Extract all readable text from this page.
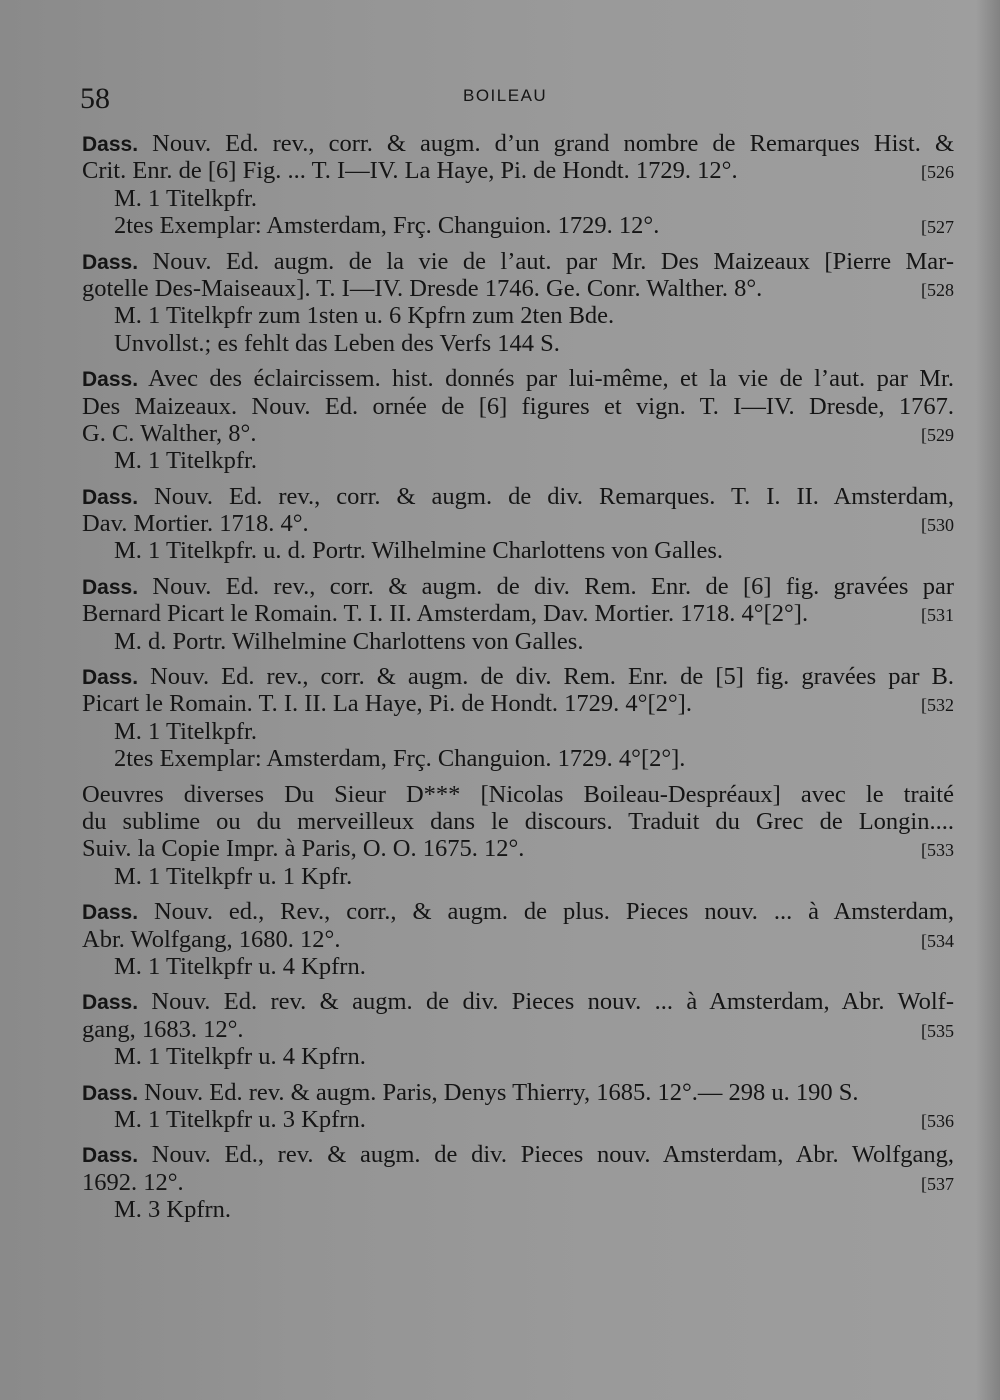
58	BOILEAU
Dass. Nouv. Ed. rev., corr. & augm. d’un grand nombre de Remarques Hist. &
Crit. Enr. de [6] Fig. ... T. I—IV. La Haye, Pi. de Hondt. 1729. 12°.	[526
M. 1 Titelkpfr.
2tes Exemplar: Amsterdam, Frç. Changuion. 1729. 12°.	[527
Dass. Nouv. Ed. augm. de la vie de l’aut. par Mr. Des Maizeaux [Pierre Mar-
gotelle Des-Maiseaux]. T. I—IV. Dresde 1746. Ge. Conr. Walther. 8°.	[528
M. 1 Titelkpfr zum 1sten u. 6 Kpfrn zum 2ten Bde.
Unvollst.; es fehlt das Leben des Verfs 144 S.
Dass. Avec des éclaircissem. hist. donnés par lui-même, et la vie de l’aut. par Mr.
Des Maizeaux. Nouv. Ed. ornée de [6] figures et vign. T. I—IV. Dresde, 1767.
G. C. Walther, 8°.	[529
M. 1 Titelkpfr.
Dass. Nouv. Ed. rev., corr. & augm. de div. Remarques. T. I. II. Amsterdam,
Dav. Mortier. 1718. 4°.	[530
M. 1 Titelkpfr. u. d. Portr. Wilhelmine Charlottens von Galles.
Dass. Nouv. Ed. rev., corr. & augm. de div. Rem. Enr. de [6] fig. gravées par
Bernard Picart le Romain. T. I. II. Amsterdam, Dav. Mortier. 1718. 4°[2°].	[531
M. d. Portr. Wilhelmine Charlottens von Galles.
Dass. Nouv. Ed. rev., corr. & augm. de div. Rem. Enr. de [5] fig. gravées par B.
Picart le Romain. T. I. II. La Haye, Pi. de Hondt. 1729. 4°[2°].	[532
M. 1 Titelkpfr.
2tes Exemplar: Amsterdam, Frç. Changuion. 1729. 4°[2°].
Oeuvres diverses Du Sieur D*** [Nicolas Boileau-Despréaux] avec le traité
du sublime ou du merveilleux dans le discours. Traduit du Grec de Longin....
Suiv. la Copie Impr. à Paris, O. O. 1675. 12°.	[533
M. 1 Titelkpfr u. 1 Kpfr.
Dass. Nouv. ed., Rev., corr., & augm. de plus. Pieces nouv. ... à Amsterdam,
Abr. Wolfgang, 1680. 12°.	[534
M. 1 Titelkpfr u. 4 Kpfrn.
Dass. Nouv. Ed. rev. & augm. de div. Pieces nouv. ... à Amsterdam, Abr. Wolf-
gang, 1683. 12°.	[535
M. 1 Titelkpfr u. 4 Kpfrn.
Dass. Nouv. Ed. rev. & augm. Paris, Denys Thierry, 1685. 12°.— 298 u. 190 S.
M. 1 Titelkpfr u. 3 Kpfrn.	[536
Dass. Nouv. Ed., rev. & augm. de div. Pieces nouv. Amsterdam, Abr. Wolfgang,
1692. 12°.	[537
M. 3 Kpfrn.
